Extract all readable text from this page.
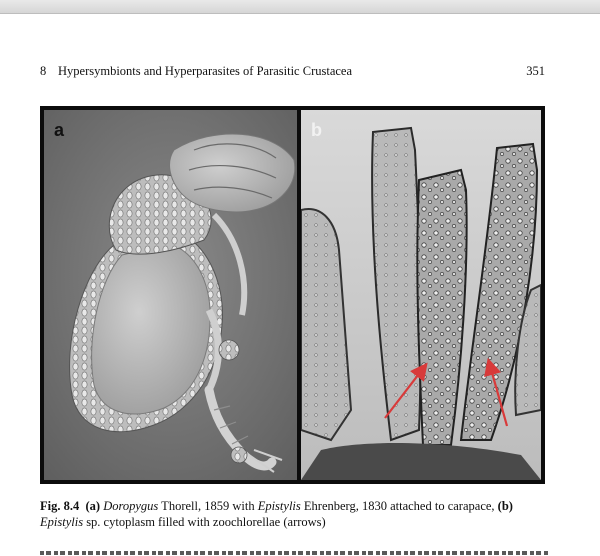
8 Hypersymbionts and Hyperparasites of Parasitic Crustacea	351
a	b
Fig. 8.4 (a) Doropygus Thorell, 1859 with Epistylis Ehrenberg, 1830 attached to carapace, (b) Epistylis sp. cytoplasm filled with zoochlorellae (arrows)
